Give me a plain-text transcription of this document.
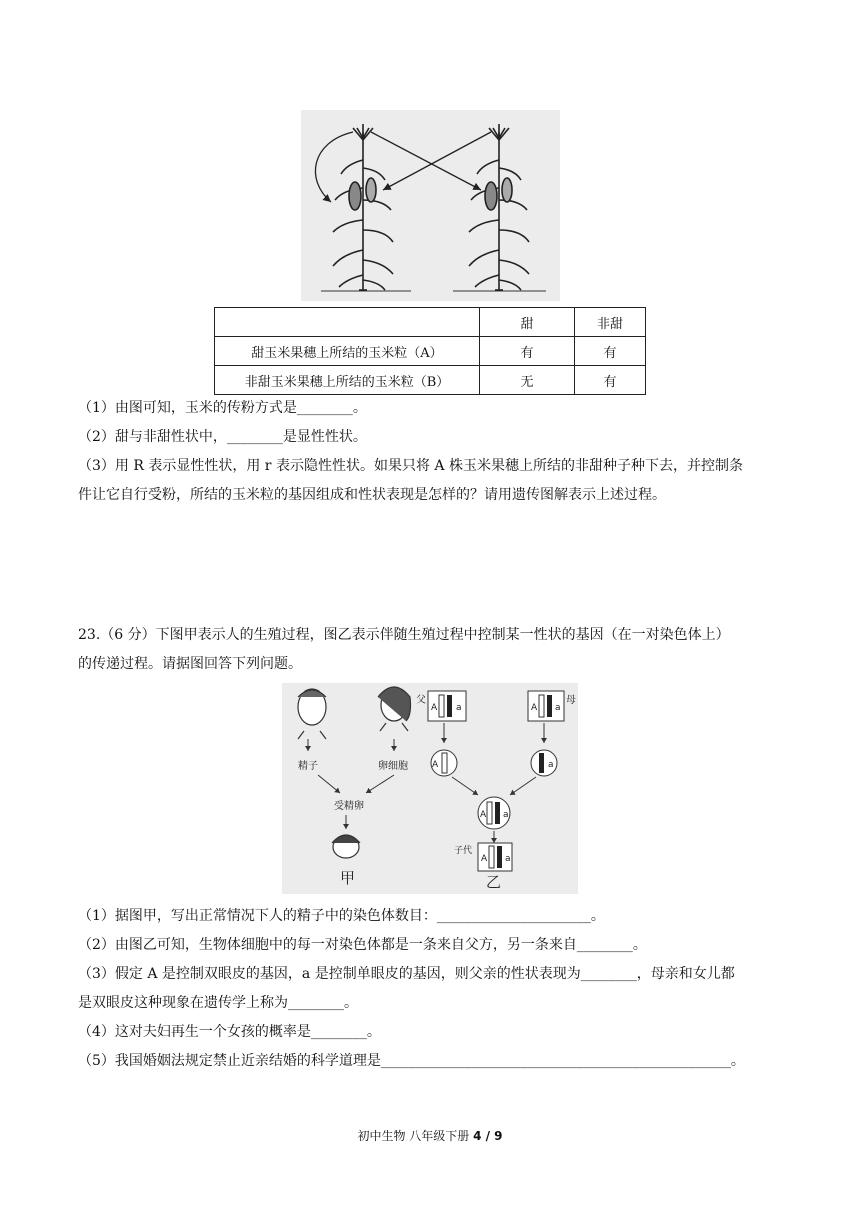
	甜	非甜
甜玉米果穗上所结的玉米粒（A）	有	有
非甜玉米果穗上所结的玉米粒（B）	无	有
（1）由图可知，玉米的传粉方式是________。
（2）甜与非甜性状中，________是显性性状。
（3）用 R 表示显性性状，用 r 表示隐性性状。如果只将 A 株玉米果穗上所结的非甜种子种下去，并控制条
件让它自行受粉，所结的玉米粒的基因组成和性状表现是怎样的？请用遗传图解表示上述过程。
23.（6 分）下图甲表示人的生殖过程，图乙表示伴随生殖过程中控制某一性状的基因（在一对染色体上）
的传递过程。请据图回答下列问题。
精子	卵细胞
受精卵
甲
父
A a	A a
母
A	a
A a
子代
A a
乙
（1）据图甲，写出正常情况下人的精子中的染色体数目：______________________。
（2）由图乙可知，生物体细胞中的每一对染色体都是一条来自父方，另一条来自________。
（3）假定 A 是控制双眼皮的基因，a 是控制单眼皮的基因，则父亲的性状表现为________，母亲和女儿都
是双眼皮这种现象在遗传学上称为________。
（4）这对夫妇再生一个女孩的概率是________。
（5）我国婚姻法规定禁止近亲结婚的科学道理是__________________________________________________。
初中生物 八年级下册 4 / 9
